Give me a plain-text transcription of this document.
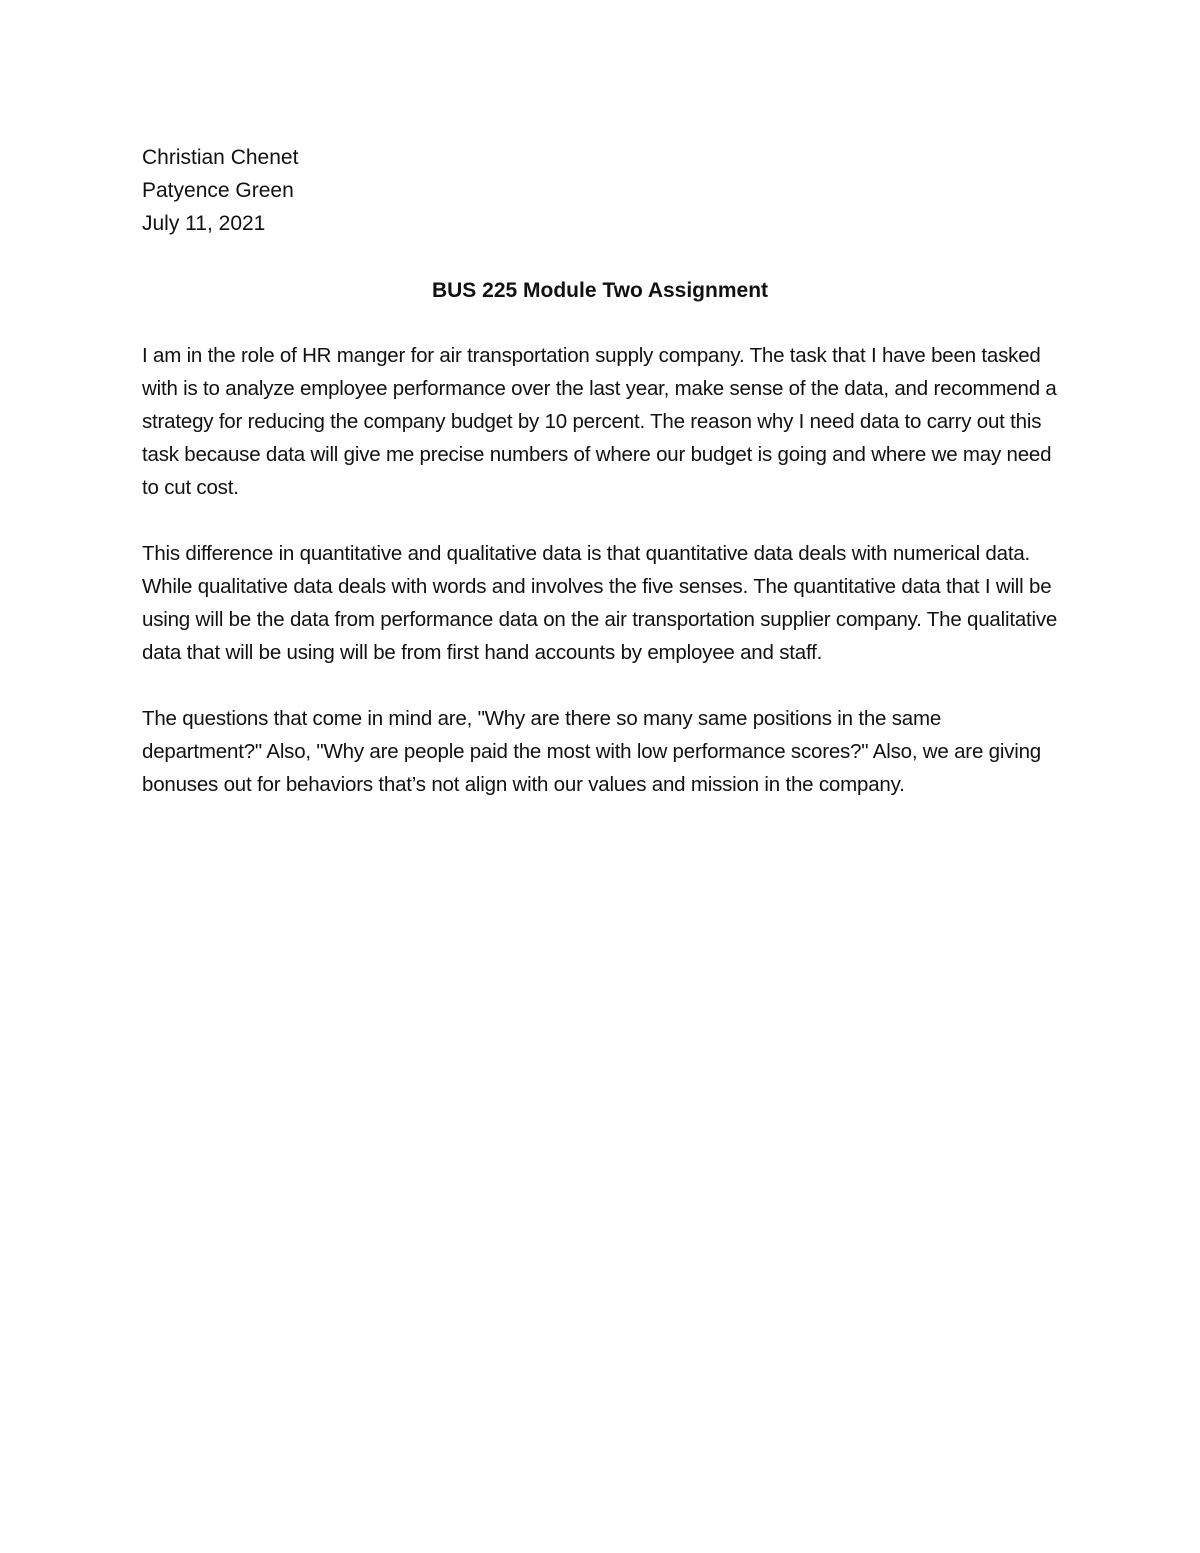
Christian Chenet
Patyence Green
July 11, 2021
BUS 225 Module Two Assignment

I am in the role of HR manger for air transportation supply company. The task that I have been tasked with is to analyze employee performance over the last year, make sense of the data, and recommend a strategy for reducing the company budget by 10 percent. The reason why I need data to carry out this task because data will give me precise numbers of where our budget is going and where we may need to cut cost.

This difference in quantitative and qualitative data is that quantitative data deals with numerical data. While qualitative data deals with words and involves the five senses. The quantitative data that I will be using will be the data from performance data on the air transportation supplier company. The qualitative data that will be using will be from first hand accounts by employee and staff.

The questions that come in mind are, "Why are there so many same positions in the same department?" Also, "Why are people paid the most with low performance scores?" Also, we are giving bonuses out for behaviors that’s not align with our values and mission in the company.
